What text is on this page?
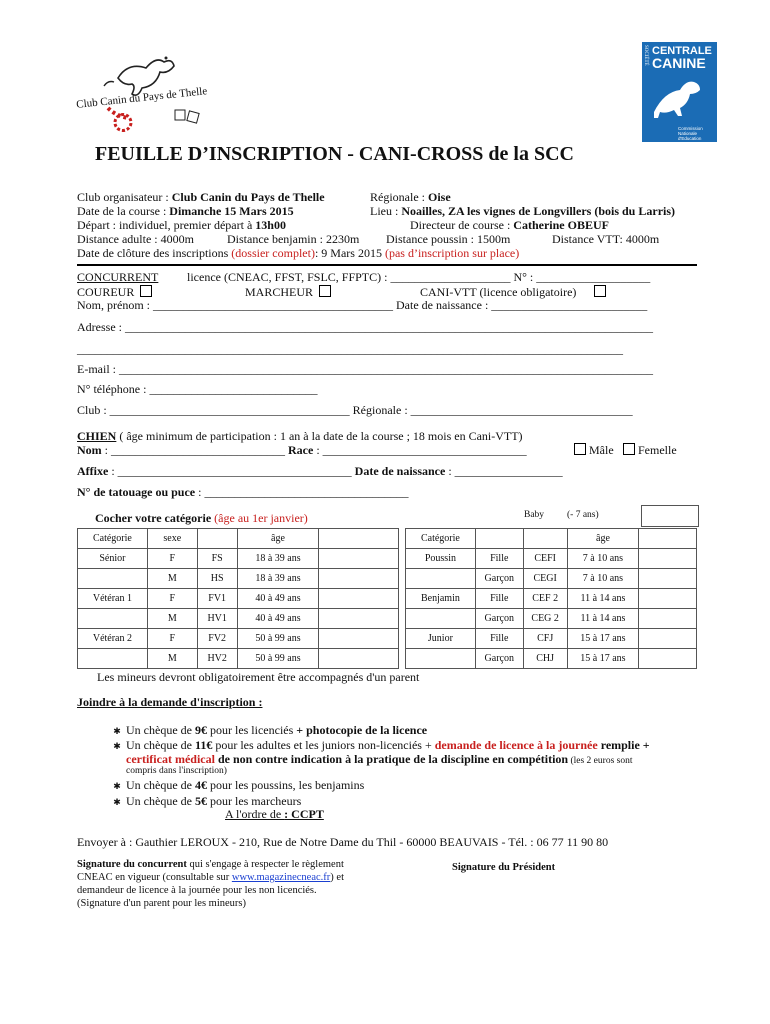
Club Canin du Pays de Thelle
SOCIÉTÉ CENTRALE
CANINE
Commission
Nationale
d'Education
FEUILLE D’INSCRIPTION - CANI-CROSS de la SCC
Club organisateur : Club Canin du Pays de Thelle	Régionale : Oise
Date de la course : Dimanche 15 Mars 2015	Lieu : Noailles, ZA les vignes de Longvillers (bois du Larris)
Départ : individuel, premier départ à 13h00	Directeur de course : Catherine OBEUF
Distance adulte : 4000m	Distance benjamin : 2230m Distance poussin : 1500m	Distance VTT: 4000m
Date de clôture des inscriptions (dossier complet): 9 Mars 2015 (pas d’inscription sur place)
CONCURRENT licence (CNEAC, FFST, FSLC, FFPTC) : ____________________ N° : ___________________
COUREUR	MARCHEUR	CANI-VTT (licence obligatoire)
Nom, prénom : ________________________________________ Date de naissance : __________________________
Adresse : ________________________________________________________________________________________
___________________________________________________________________________________________
E-mail : _________________________________________________________________________________________
N° téléphone : ____________________________
Club : ________________________________________ Régionale : _____________________________________
CHIEN ( âge minimum de participation : 1 an à la date de la course ; 18 mois en Cani-VTT)
Nom : _____________________________ Race : __________________________________	Mâle	Femelle
Affixe : _______________________________________ Date de naissance : __________________
N° de tatouage ou puce : __________________________________
Cocher votre catégorie (âge au 1er janvier)	Baby (- 7 ans)
Catégorie	sexe		âge	
Sénior	F	FS	18 à 39 ans	
	M	HS	18 à 39 ans	
Vétéran 1	F	FV1	40 à 49 ans	
	M	HV1	40 à 49 ans	
Vétéran 2	F	FV2	50 à 99 ans	
	M	HV2	50 à 99 ans	
Catégorie			âge	
Poussin	Fille	CEFI	7 à 10 ans	
	Garçon	CEGI	7 à 10 ans	
Benjamin	Fille	CEF 2	11 à 14 ans	
	Garçon	CEG 2	11 à 14 ans	
Junior	Fille	CFJ	15 à 17 ans	
	Garçon	CHJ	15 à 17 ans	
Les mineurs devront obligatoirement être accompagnés d'un parent
Joindre à la demande d'inscription :
✱ Un chèque de 9€ pour les licenciés + photocopie de la licence
✱ Un chèque de 11€ pour les adultes et les juniors non-licenciés + demande de licence à la journée remplie +
certificat médical de non contre indication à la pratique de la discipline en compétition (les 2 euros sont
compris dans l'inscription)
✱ Un chèque de 4€ pour les poussins, les benjamins
✱ Un chèque de 5€ pour les marcheurs
A l'ordre de : CCPT
Envoyer à : Gauthier LEROUX - 210, Rue de Notre Dame du Thil - 60000 BEAUVAIS - Tél. : 06 77 11 90 80
Signature du concurrent qui s'engage à respecter le règlement
CNEAC en vigueur (consultable sur www.magazinecneac.fr) et
demandeur de licence à la journée pour les non licenciés.
(Signature d'un parent pour les mineurs)
Signature du Président
